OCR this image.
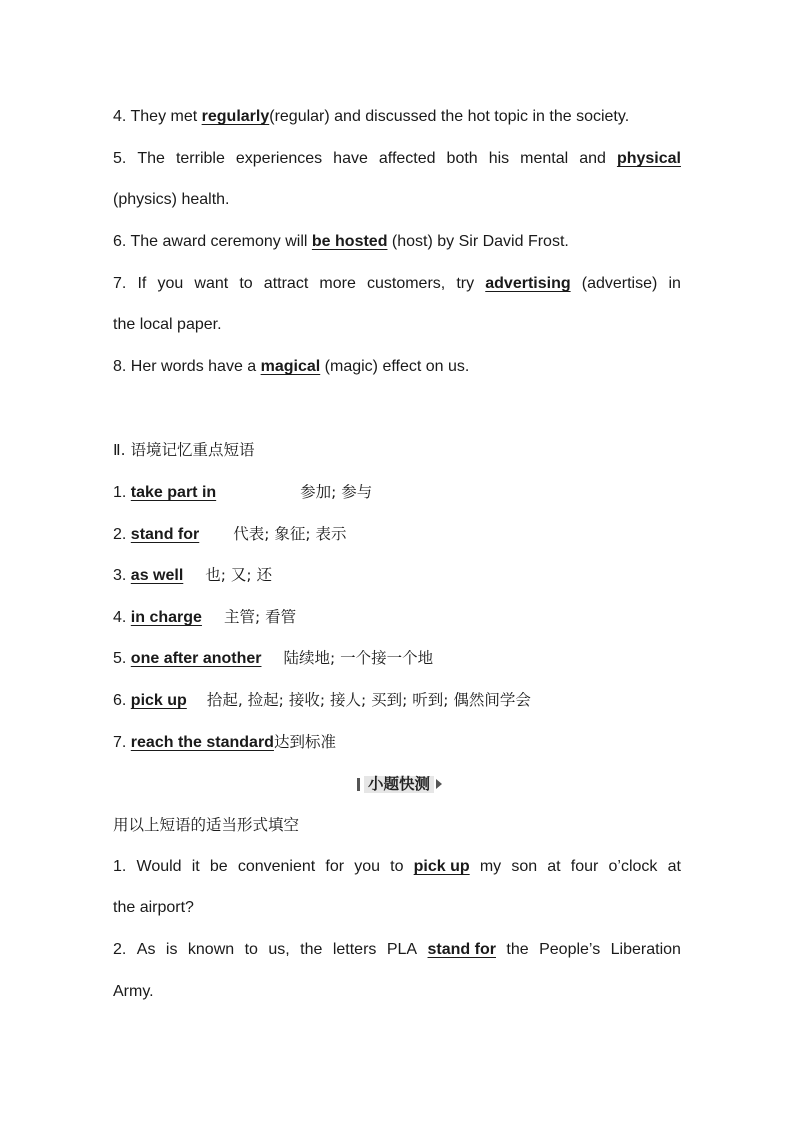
4. They met regularly(regular) and discussed the hot topic in the society.
5. The terrible experiences have affected both his mental and physical
(physics) health.
6. The award ceremony will be hosted (host) by Sir David Frost.
7. If you want to attract more customers, try advertising (advertise) in
the local paper.
8. Her words have a magical (magic) effect on us.
Ⅱ. 语境记忆重点短语
1. take part in	参加; 参与
2. stand for 代表; 象征; 表示
3. as well 也; 又; 还
4. in charge 主管; 看管
5. one after another 陆续地; 一个接一个地
6. pick up 拾起, 捡起; 接收; 接人; 买到; 听到; 偶然间学会
7. reach the standard达到标准
小题快测
用以上短语的适当形式填空
1. Would it be convenient for you to pick up my son at four o’clock at
the airport?
2. As is known to us, the letters PLA stand for the People’s Liberation
Army.
